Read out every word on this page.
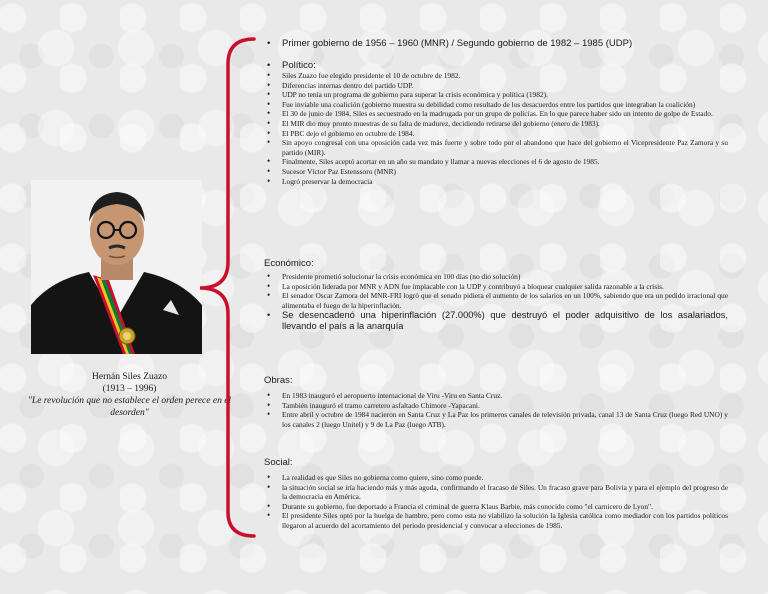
Hernán Siles Zuazo
(1913 – 1996)
"Le revolución que no establece el orden perece en el desorden"
• Primer gobierno de 1956 – 1960 (MNR) / Segundo gobierno de 1982 – 1985 (UDP)
• Político:
• Siles Zuazo fue elegido presidente el 10 de octubre de 1982.
• Diferencias internas dentro del partido UDP.
• UDP no tenía un programa de gobierno para superar la crisis económica y política (1982).
• Fue inviable una coalición (gobierno muestra su debilidad como resultado de los desacuerdos entre los partidos que integraban la coalición)
• El 30 de junio de 1984, Siles es secuestrado en la madrugada por un grupo de policías. En lo que parece haber sido un intento de golpe de Estado.
• El MIR dio muy pronto muestras de su falta de madurez, decidiendo retirarse del gobierno (enero de 1983).
• El PBC dejo el gobierno en octubre de 1984.
• Sin apoyo congresal con una oposición cada vez más fuerte y sobre todo por el abandono que hace del gobierno el Vicepresidente Paz Zamora y su partido (MIR).
• Finalmente, Siles aceptó acortar en un año su mandato y llamar a nuevas elecciones el 6 de agosto de 1985.
• Sucesor Víctor Paz Estenssoro (MNR)
• Logró preservar la democracia
Económico:
• Presidente prometió solucionar la crisis económica en 100 días (no dio solución)
• La oposición liderada por MNR y ADN fue implacable con la UDP y contribuyó a bloquear cualquier salida razonable a la crisis.
• El senador Oscar Zamora del MNR-FRI logró que el senado pidiera el aumento de los salarios en un 100%, sabiendo que era un pedido irracional que alimentaba el fuego de la hiperinflación.
• Se desencadenó una hiperinflación (27.000%) que destruyó el poder adquisitivo de los asalariados, llevando el país a la anarquía
Obras:
• En 1983 inauguró el aeropuerto internacional de Viru -Viru en Santa Cruz.
• También inauguró el tramo carretero asfaltado Chimore -Yapacani.
• Entre abril y octubre de 1984 nacieron en Santa Cruz y La Paz los primeros canales de televisión privada, canal 13 de Santa Cruz (luego Red UNO) y los canales 2 (luego Unitel) y 9 de La Paz (luego ATB).
Social:
• La realidad es que Siles no gobierna como quiere, sino como puede.
• la situación social se iría haciendo más y más aguda, confirmando el fracaso de Siles. Un fracaso grave para Bolivia y para el ejemplo del progreso de la democracia en América.
• Durante su gobierno, fue deportado a Francia el criminal de guerra Klaus Barbie, más conocido como "el carnicero de Lyon".
• El presidente Siles optó por la huelga de hambre, pero como esta no viabilizo la solución la Iglesia católica como mediador con los partidos políticos llegaron al acuerdo del acortamiento del periodo presidencial y convocar a elecciones de 1985.
